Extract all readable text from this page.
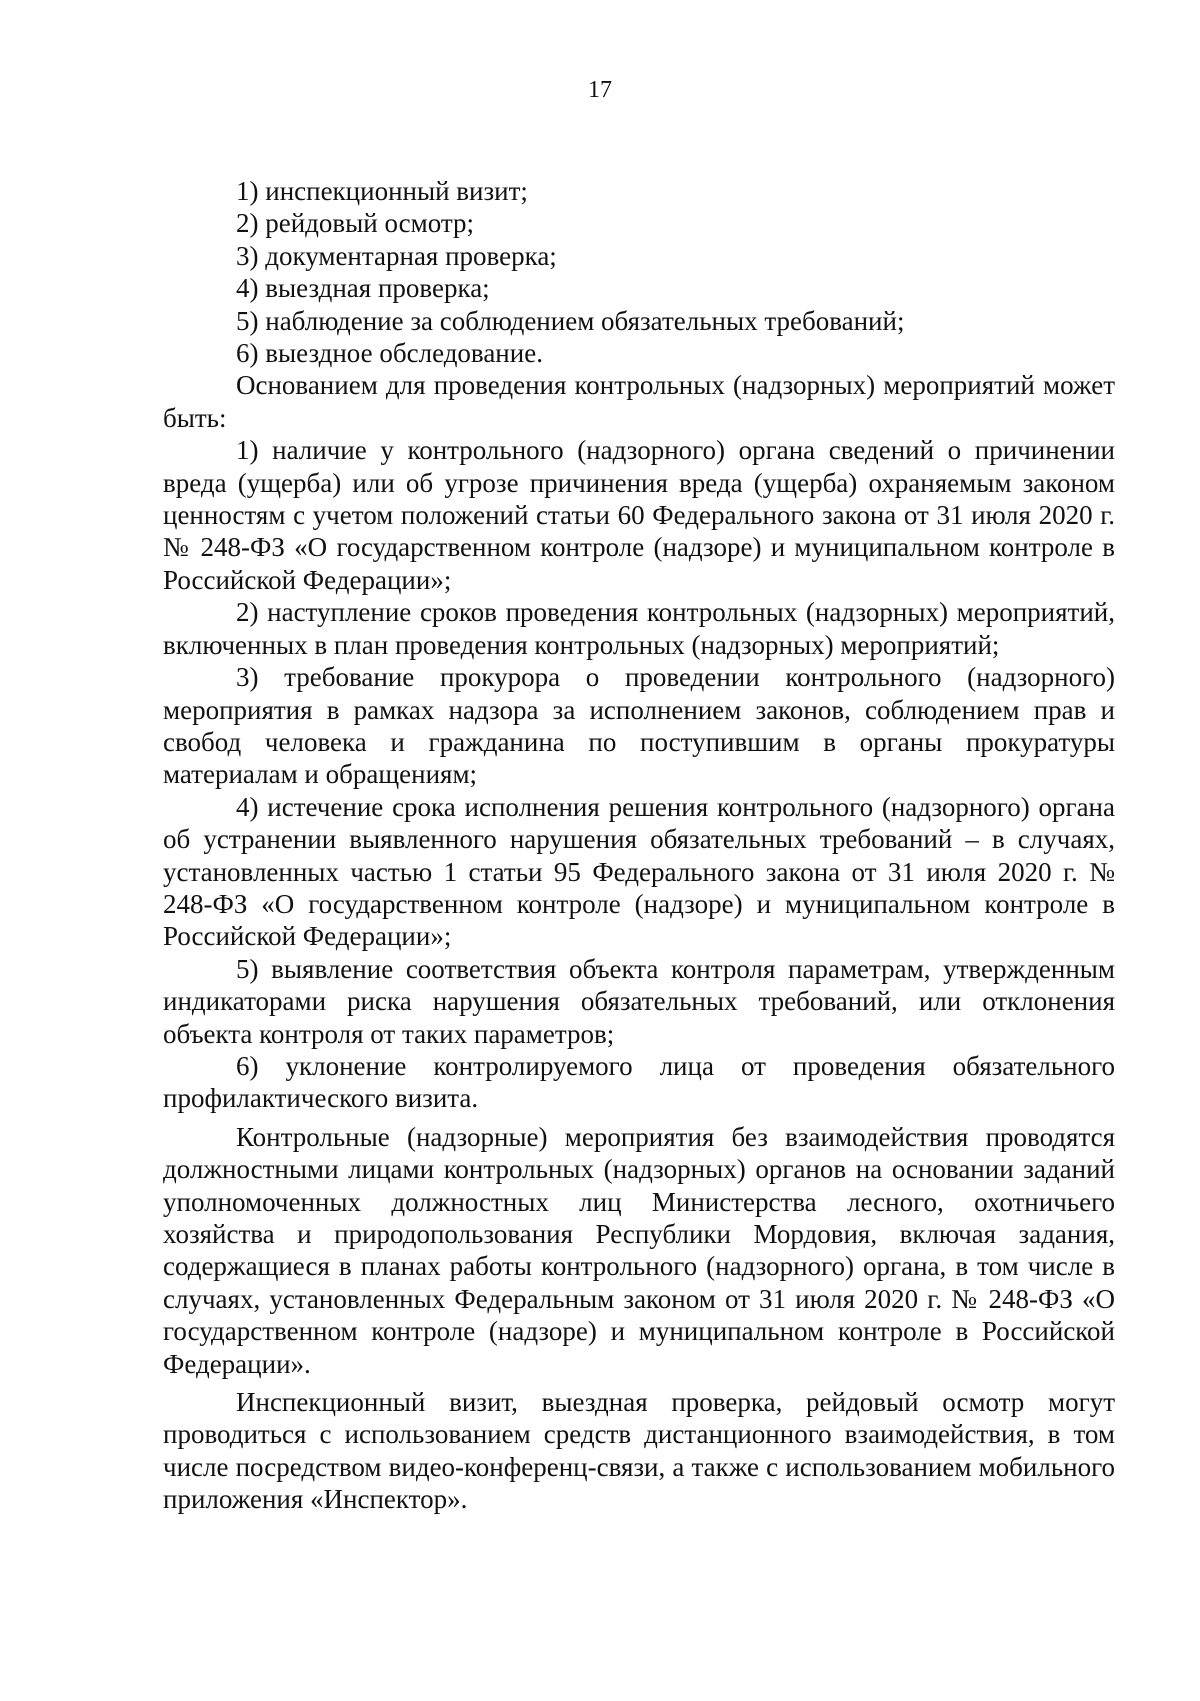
17

1) инспекционный визит;

2) рейдовый осмотр;

3) документарная проверка;

4) выездная проверка;

5) наблюдение за соблюдением обязательных требований;

6) выездное обследование.

Основанием для проведения контрольных (надзорных) мероприятий может быть:

1) наличие у контрольного (надзорного) органа сведений о причинении вреда (ущерба) или об угрозе причинения вреда (ущерба) охраняемым законом ценностям с учетом положений статьи 60 Федерального закона от 31 июля 2020 г. № 248-ФЗ «О государственном контроле (надзоре) и муниципальном контроле в Российской Федерации»;

2) наступление сроков проведения контрольных (надзорных) мероприятий, включенных в план проведения контрольных (надзорных) мероприятий;

3) требование прокурора о проведении контрольного (надзорного) мероприятия в рамках надзора за исполнением законов, соблюдением прав и свобод человека и гражданина по поступившим в органы прокуратуры материалам и обращениям;

4) истечение срока исполнения решения контрольного (надзорного) органа об устранении выявленного нарушения обязательных требований – в случаях, установленных частью 1 статьи 95 Федерального закона от 31 июля 2020 г. № 248-ФЗ «О государственном контроле (надзоре) и муниципальном контроле в Российской Федерации»;

5) выявление соответствия объекта контроля параметрам, утвержденным индикаторами риска нарушения обязательных требований, или отклонения объекта контроля от таких параметров;

6) уклонение контролируемого лица от проведения обязательного профилактического визита.

Контрольные (надзорные) мероприятия без взаимодействия проводятся должностными лицами контрольных (надзорных) органов на основании заданий уполномоченных должностных лиц Министерства лесного, охотничьего хозяйства и природопользования Республики Мордовия, включая задания, содержащиеся в планах работы контрольного (надзорного) органа, в том числе в случаях, установленных Федеральным законом от 31 июля 2020 г. № 248-ФЗ «О государственном контроле (надзоре) и муниципальном контроле в Российской Федерации».

Инспекционный визит, выездная проверка, рейдовый осмотр могут проводиться с использованием средств дистанционного взаимодействия, в том числе посредством видео-конференц-связи, а также с использованием мобильного приложения «Инспектор».
